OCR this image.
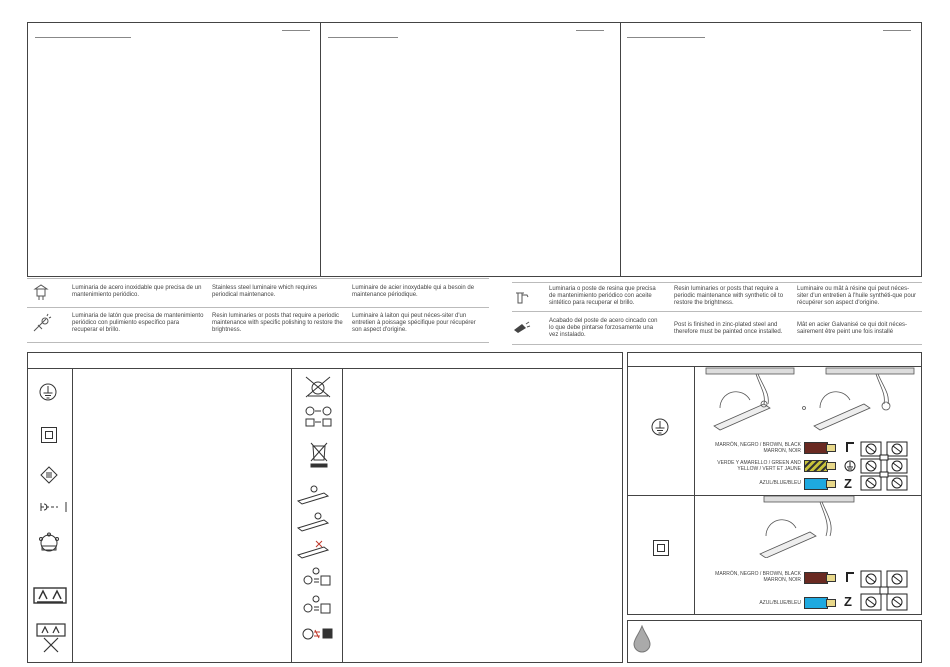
Luminaria de acero inoxidable que precisa de un mantenimiento periódico.
Stainless steel luminaire which requires periodical maintenance.
Luminaire de acier inoxydable qui a besoin de maintenance périodique.
Luminaria de latón que precisa de mantenimiento periódico con pulimiento específico para recuperar el brillo.
Resin luminaries or posts that require a periodic maintenance with specific polishing to restore the brightness.
Luminaire à laiton qui peut néces-siter d'un entretien à poissage spécifique pour récupérer son aspect d'origine.
Luminaria o poste de resina que precisa de mantenimiento periódico con aceite sintético para recuperar el brillo.
Resin luminaries or posts that require a periodic maintenance with synthetic oil to restore the brightness.
Luminaire ou mât à résine qui peut néces-siter d'un entretien à l'huile synthéti-que pour récupérer son aspect d'origine.
Acabado del poste de acero cincado con lo que debe pintarse forzosamente una vez instalado.
Post is finished in zinc-plated steel and therefore must be painted once installed.
Mât en acier Galvanisé ce qui doit néces-sairement être peint une fois installé
MARRÓN, NEGRO / BROWN, BLACK MARRON, NOIR
VERDE Y AMARELLO / GREEN AND YELLOW / VERT ET JAUNE
AZUL/BLUE/BLEU	Z
MARRÓN, NEGRO / BROWN, BLACK MARRON, NOIR
AZUL/BLUE/BLEU	Z
